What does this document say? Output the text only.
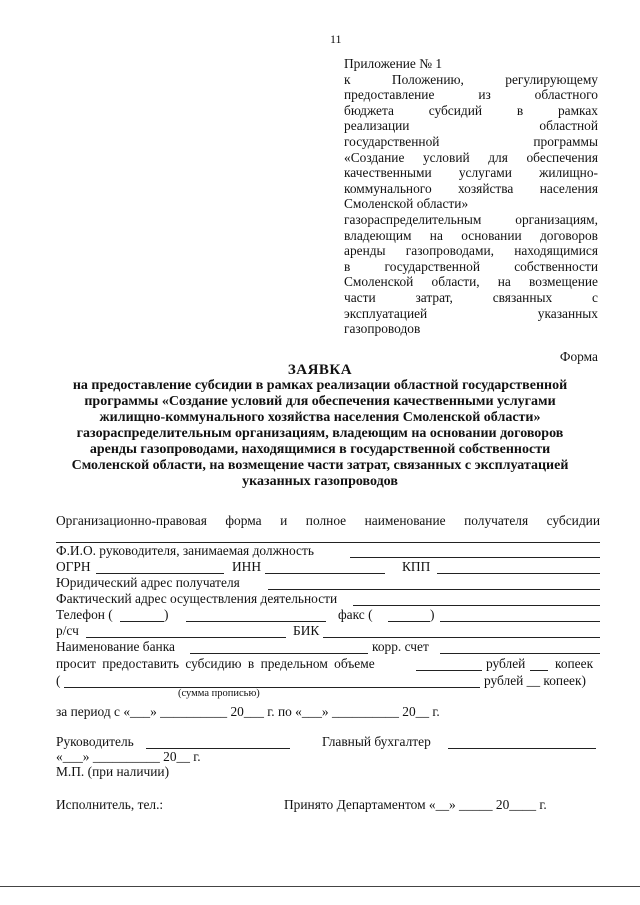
11
Приложение № 1
к Положению, регулирующему
предоставление из областного
бюджета субсидий в рамках
реализации областной
государственной программы
«Создание условий для обеспечения
качественными услугами жилищно-
коммунального хозяйства населения
Смоленской области»
газораспределительным организациям,
владеющим на основании договоров
аренды газопроводами, находящимися
в государственной собственности
Смоленской области, на возмещение
части затрат, связанных с
эксплуатацией указанных
газопроводов
Форма
ЗАЯВКА
на предоставление субсидии в рамках реализации областной государственной
программы «Создание условий для обеспечения качественными услугами
жилищно-коммунального хозяйства населения Смоленской области»
газораспределительным организациям, владеющим на основании договоров
аренды газопроводами, находящимися в государственной собственности
Смоленской области, на возмещение части затрат, связанных с эксплуатацией
указанных газопроводов
Организационно-правовая форма и полное наименование получателя субсидии
Ф.И.О. руководителя, занимаемая должность
ОГРН	ИНН	КПП
Юридический адрес получателя
Фактический адрес осуществления деятельности
Телефон (	)	факс (	)
р/сч	БИК
Наименование банка	корр. счет
просит предоставить субсидию в предельном объеме	рублей копеек
(	рублей __ копеек)
(сумма прописью)
за период с «___» __________ 20___ г. по «___» __________ 20__ г.
Руководитель	Главный бухгалтер
«___» __________ 20__ г.
М.П. (при наличии)
Исполнитель, тел.:	Принято Департаментом «__» _____ 20____ г.
